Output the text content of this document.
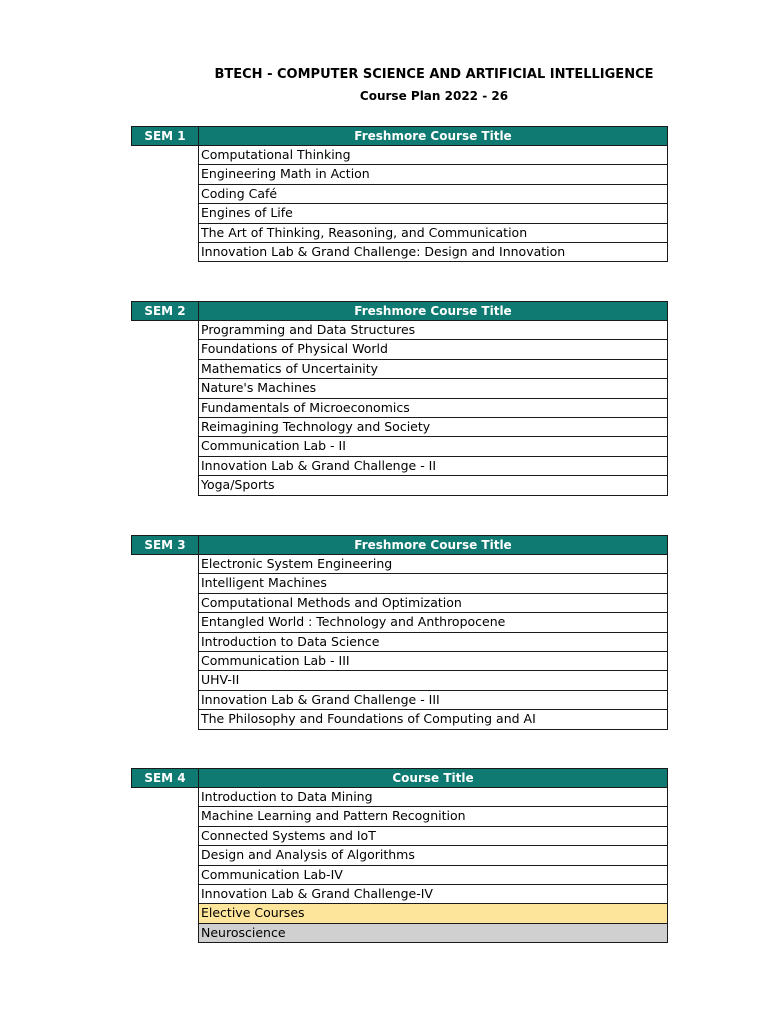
BTECH - COMPUTER SCIENCE AND ARTIFICIAL INTELLIGENCE
Course Plan 2022 - 26
SEM 1	Freshmore Course Title
Computational Thinking
Engineering Math in Action
Coding Café
Engines of Life
The Art of Thinking, Reasoning, and Communication
Innovation Lab & Grand Challenge: Design and Innovation
SEM 2	Freshmore Course Title
Programming and Data Structures
Foundations of Physical World
Mathematics of Uncertainity
Nature's Machines
Fundamentals of Microeconomics
Reimagining Technology and Society
Communication Lab - II
Innovation Lab & Grand Challenge - II
Yoga/Sports
SEM 3	Freshmore Course Title
Electronic System Engineering
Intelligent Machines
Computational Methods and Optimization
Entangled World : Technology and Anthropocene
Introduction to Data Science
Communication Lab - III
UHV-II
Innovation Lab & Grand Challenge - III
The Philosophy and Foundations of Computing and AI
SEM 4	Course Title
Introduction to Data Mining
Machine Learning and Pattern Recognition
Connected Systems and IoT
Design and Analysis of Algorithms
Communication Lab-IV
Innovation Lab & Grand Challenge-IV
Elective Courses
Neuroscience
